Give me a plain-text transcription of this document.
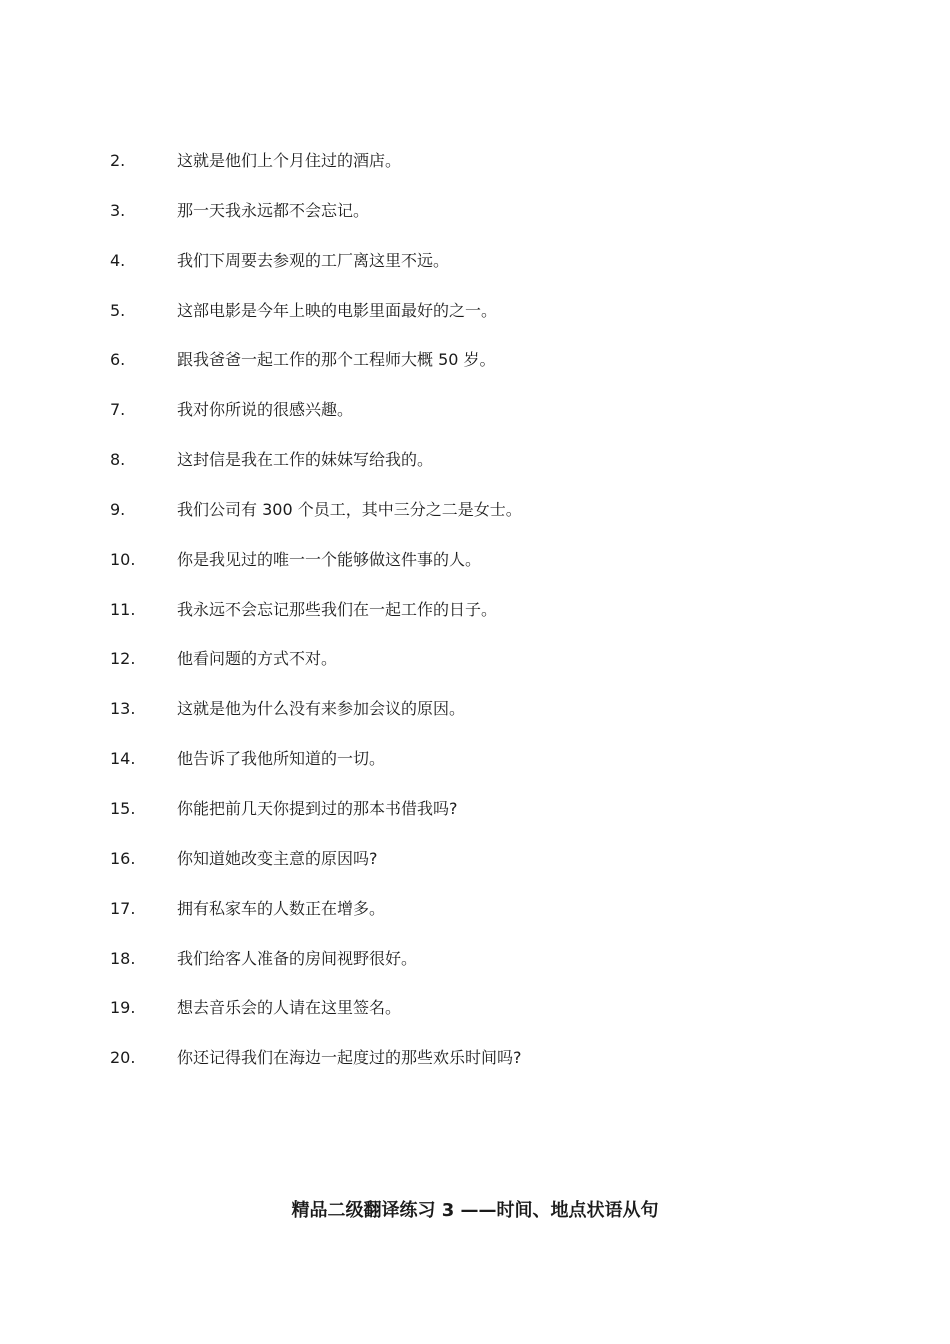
2.	这就是他们上个月住过的酒店。
3.	那一天我永远都不会忘记。
4.	我们下周要去参观的工厂离这里不远。
5.	这部电影是今年上映的电影里面最好的之一。
6.	跟我爸爸一起工作的那个工程师大概 50 岁。
7.	我对你所说的很感兴趣。
8.	这封信是我在工作的妹妹写给我的。
9.	我们公司有 300 个员工，其中三分之二是女士。
10.	你是我见过的唯一一个能够做这件事的人。
11.	我永远不会忘记那些我们在一起工作的日子。
12.	他看问题的方式不对。
13.	这就是他为什么没有来参加会议的原因。
14.	他告诉了我他所知道的一切。
15.	你能把前几天你提到过的那本书借我吗?
16.	你知道她改变主意的原因吗?
17.	拥有私家车的人数正在增多。
18.	我们给客人准备的房间视野很好。
19.	想去音乐会的人请在这里签名。
20.	你还记得我们在海边一起度过的那些欢乐时间吗?
精品二级翻译练习 3 ——时间、地点状语从句
